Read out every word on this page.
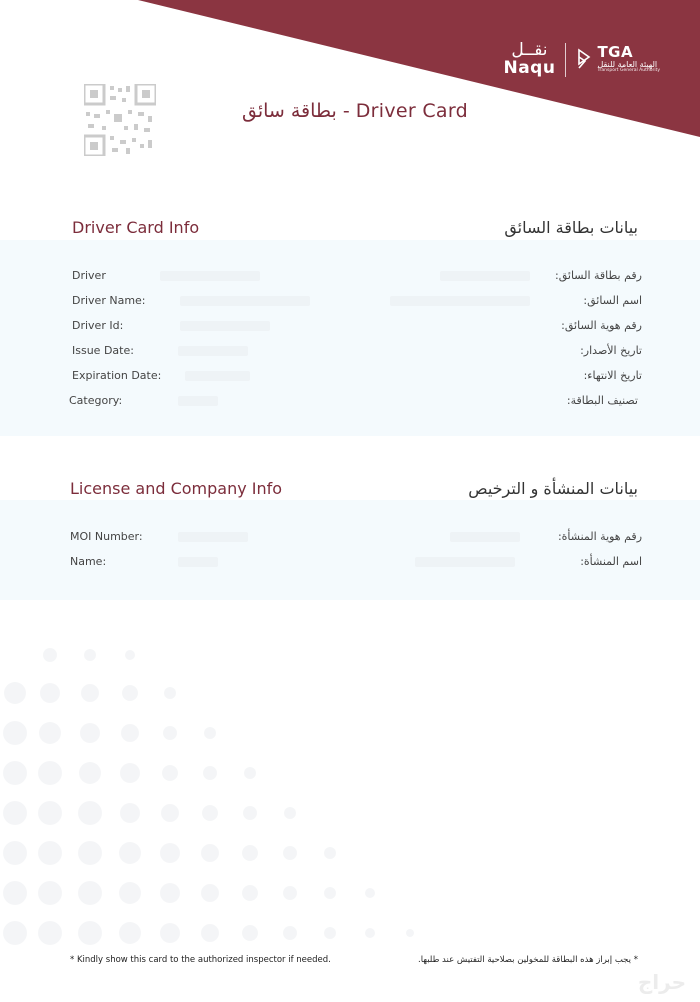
نقــل
Naqu
TGA
الهيئة العامة للنقل
Transport General Authority
بطاقة سائق - Driver Card
Driver Card Info	بيانات بطاقة السائق
Driver	رقم بطاقة السائق:
Driver Name:	اسم السائق:
Driver Id:	رقم هوية السائق:
Issue Date:	تاريخ الأصدار:
Expiration Date:	تاريخ الانتهاء:
Category:	تصنيف البطاقة:
License and Company Info	بيانات المنشأة و الترخيص
MOI Number:	رقم هوية المنشأة:
Name:	اسم المنشأة:
* Kindly show this card to the authorized inspector if needed.	* يجب إبراز هذه البطاقة للمخولين بصلاحية التفتيش عند طلبها.
حراج
